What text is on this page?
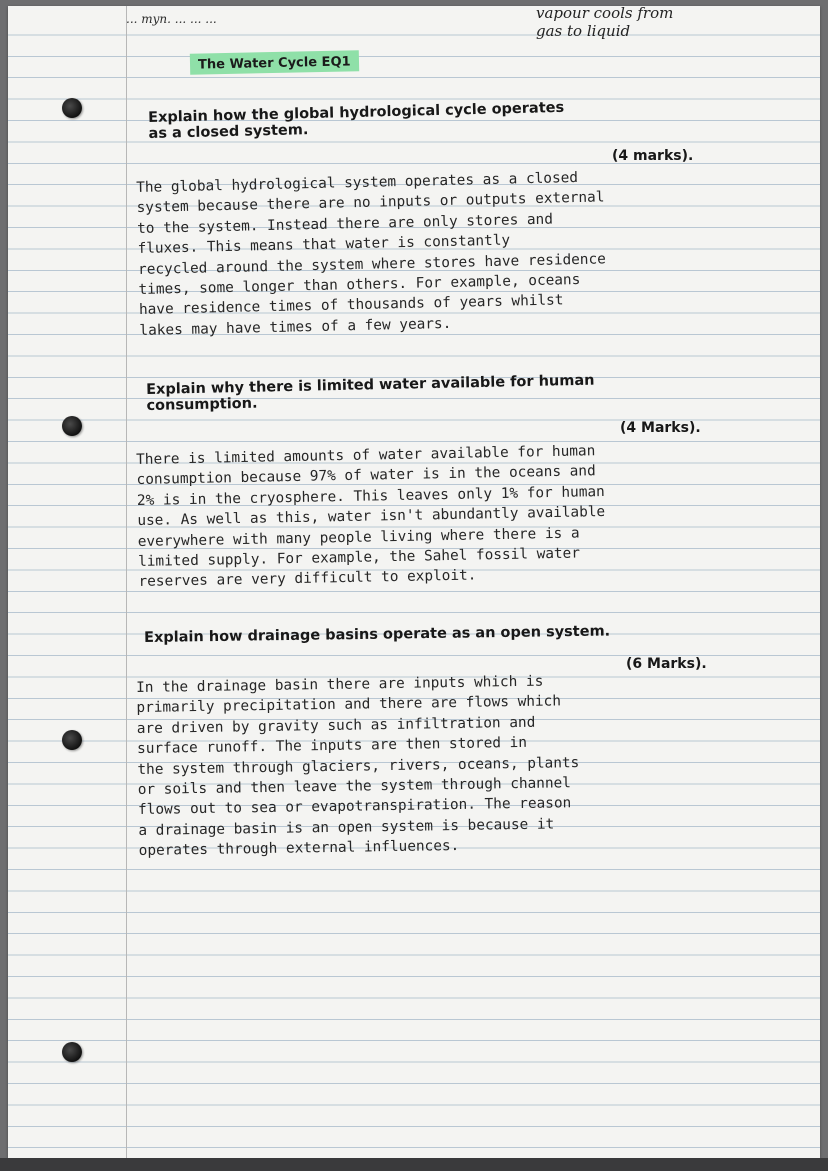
... myn. ... ... ...	vapour cools from
gas to liquid
The Water Cycle EQ1
Explain how the global hydrological cycle operates
as a closed system.
(4 marks).
The global hydrological system operates as a closed
system because there are no inputs or outputs external
to the system. Instead there are only stores and
fluxes. This means that water is constantly
recycled around the system where stores have residence
times, some longer than others. For example, oceans
have residence times of thousands of years whilst
lakes may have times of a few years.
Explain why there is limited water available for human
consumption.
(4 Marks).
There is limited amounts of water available for human
consumption because 97% of water is in the oceans and
2% is in the cryosphere. This leaves only 1% for human
use. As well as this, water isn't abundantly available
everywhere with many people living where there is a
limited supply. For example, the Sahel fossil water
reserves are very difficult to exploit.
Explain how drainage basins operate as an open system.
(6 Marks).
In the drainage basin there are inputs which is
primarily precipitation and there are flows which
are driven by gravity such as infiltration and
surface runoff. The inputs are then stored in
the system through glaciers, rivers, oceans, plants
or soils and then leave the system through channel
flows out to sea or evapotranspiration. The reason
a drainage basin is an open system is because it
operates through external influences.
